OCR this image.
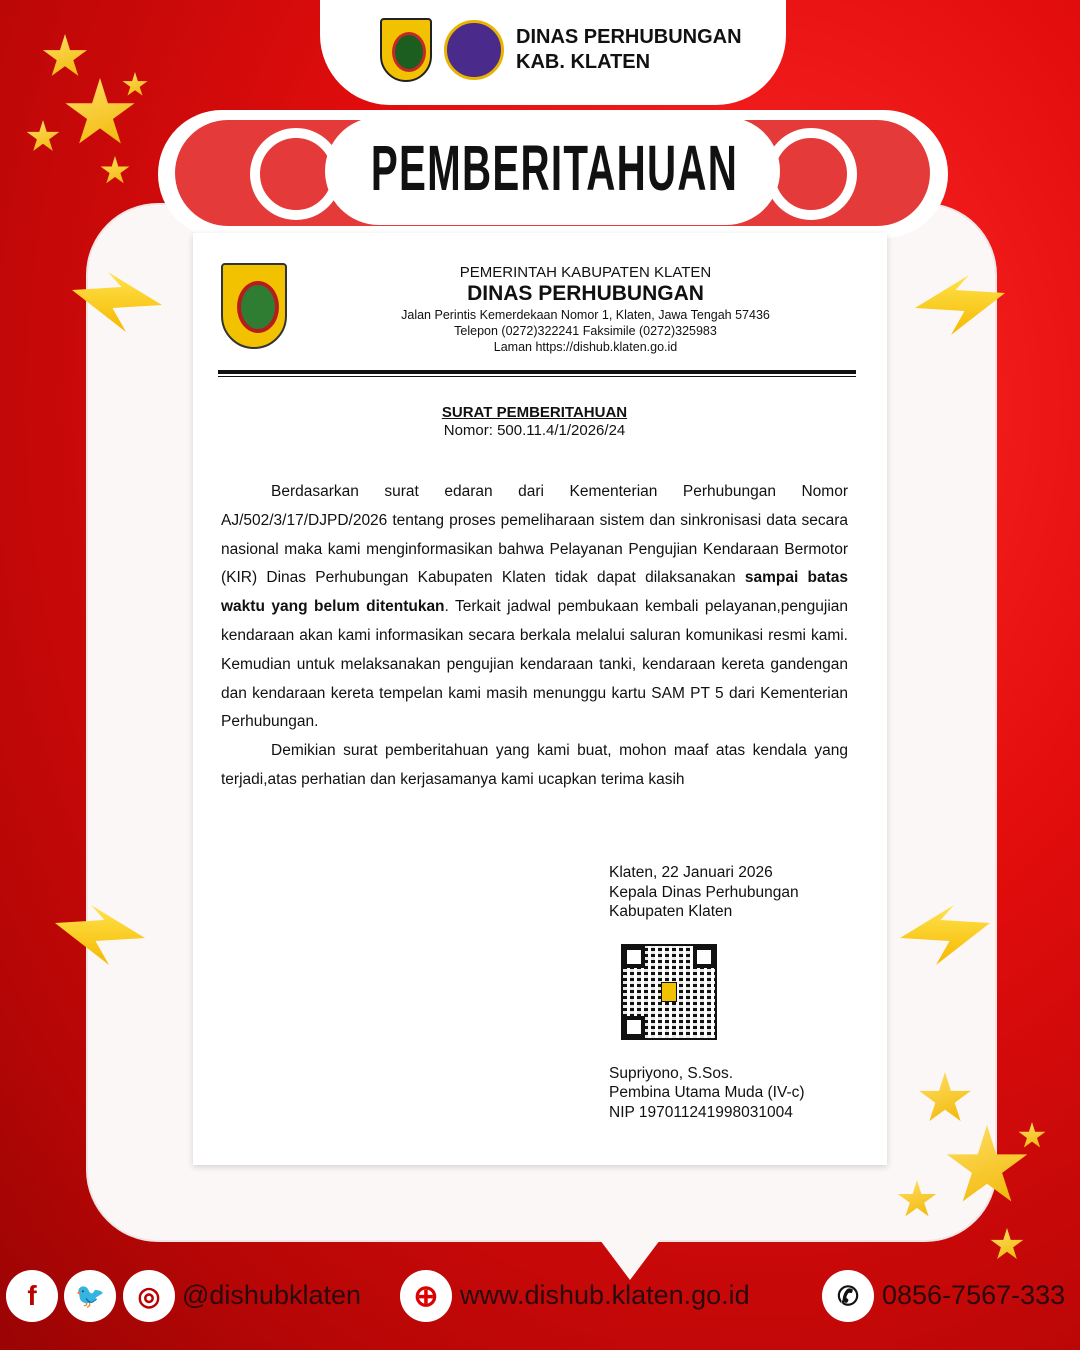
DINAS PERHUBUNGAN
KAB. KLATEN
PEMBERITAHUAN
PEMERINTAH KABUPATEN KLATEN
DINAS PERHUBUNGAN
Jalan Perintis Kemerdekaan Nomor 1, Klaten, Jawa Tengah 57436
Telepon (0272)322241 Faksimile (0272)325983
Laman https://dishub.klaten.go.id
SURAT PEMBERITAHUAN
Nomor: 500.11.4/1/2026/24

Berdasarkan surat edaran dari Kementerian Perhubungan Nomor AJ/502/3/17/DJPD/2026 tentang proses pemeliharaan sistem dan sinkronisasi data secara nasional maka kami menginformasikan bahwa Pelayanan Pengujian Kendaraan Bermotor (KIR) Dinas Perhubungan Kabupaten Klaten tidak dapat dilaksanakan sampai batas waktu yang belum ditentukan. Terkait jadwal pembukaan kembali pelayanan,pengujian kendaraan akan kami informasikan secara berkala melalui saluran komunikasi resmi kami. Kemudian untuk melaksanakan pengujian kendaraan tanki, kendaraan kereta gandengan dan kendaraan kereta tempelan kami masih menunggu kartu SAM PT 5 dari Kementerian Perhubungan.

Demikian surat pemberitahuan yang kami buat, mohon maaf atas kendala yang terjadi,atas perhatian dan kerjasamanya kami ucapkan terima kasih

Klaten, 22 Januari 2026
Kepala Dinas Perhubungan
Kabupaten Klaten
Supriyono, S.Sos.
Pembina Utama Muda (IV-c)
NIP 197011241998031004
f	🐦	◎ @dishubklaten	⊕ www.dishub.klaten.go.id	✆ 0856-7567-333
